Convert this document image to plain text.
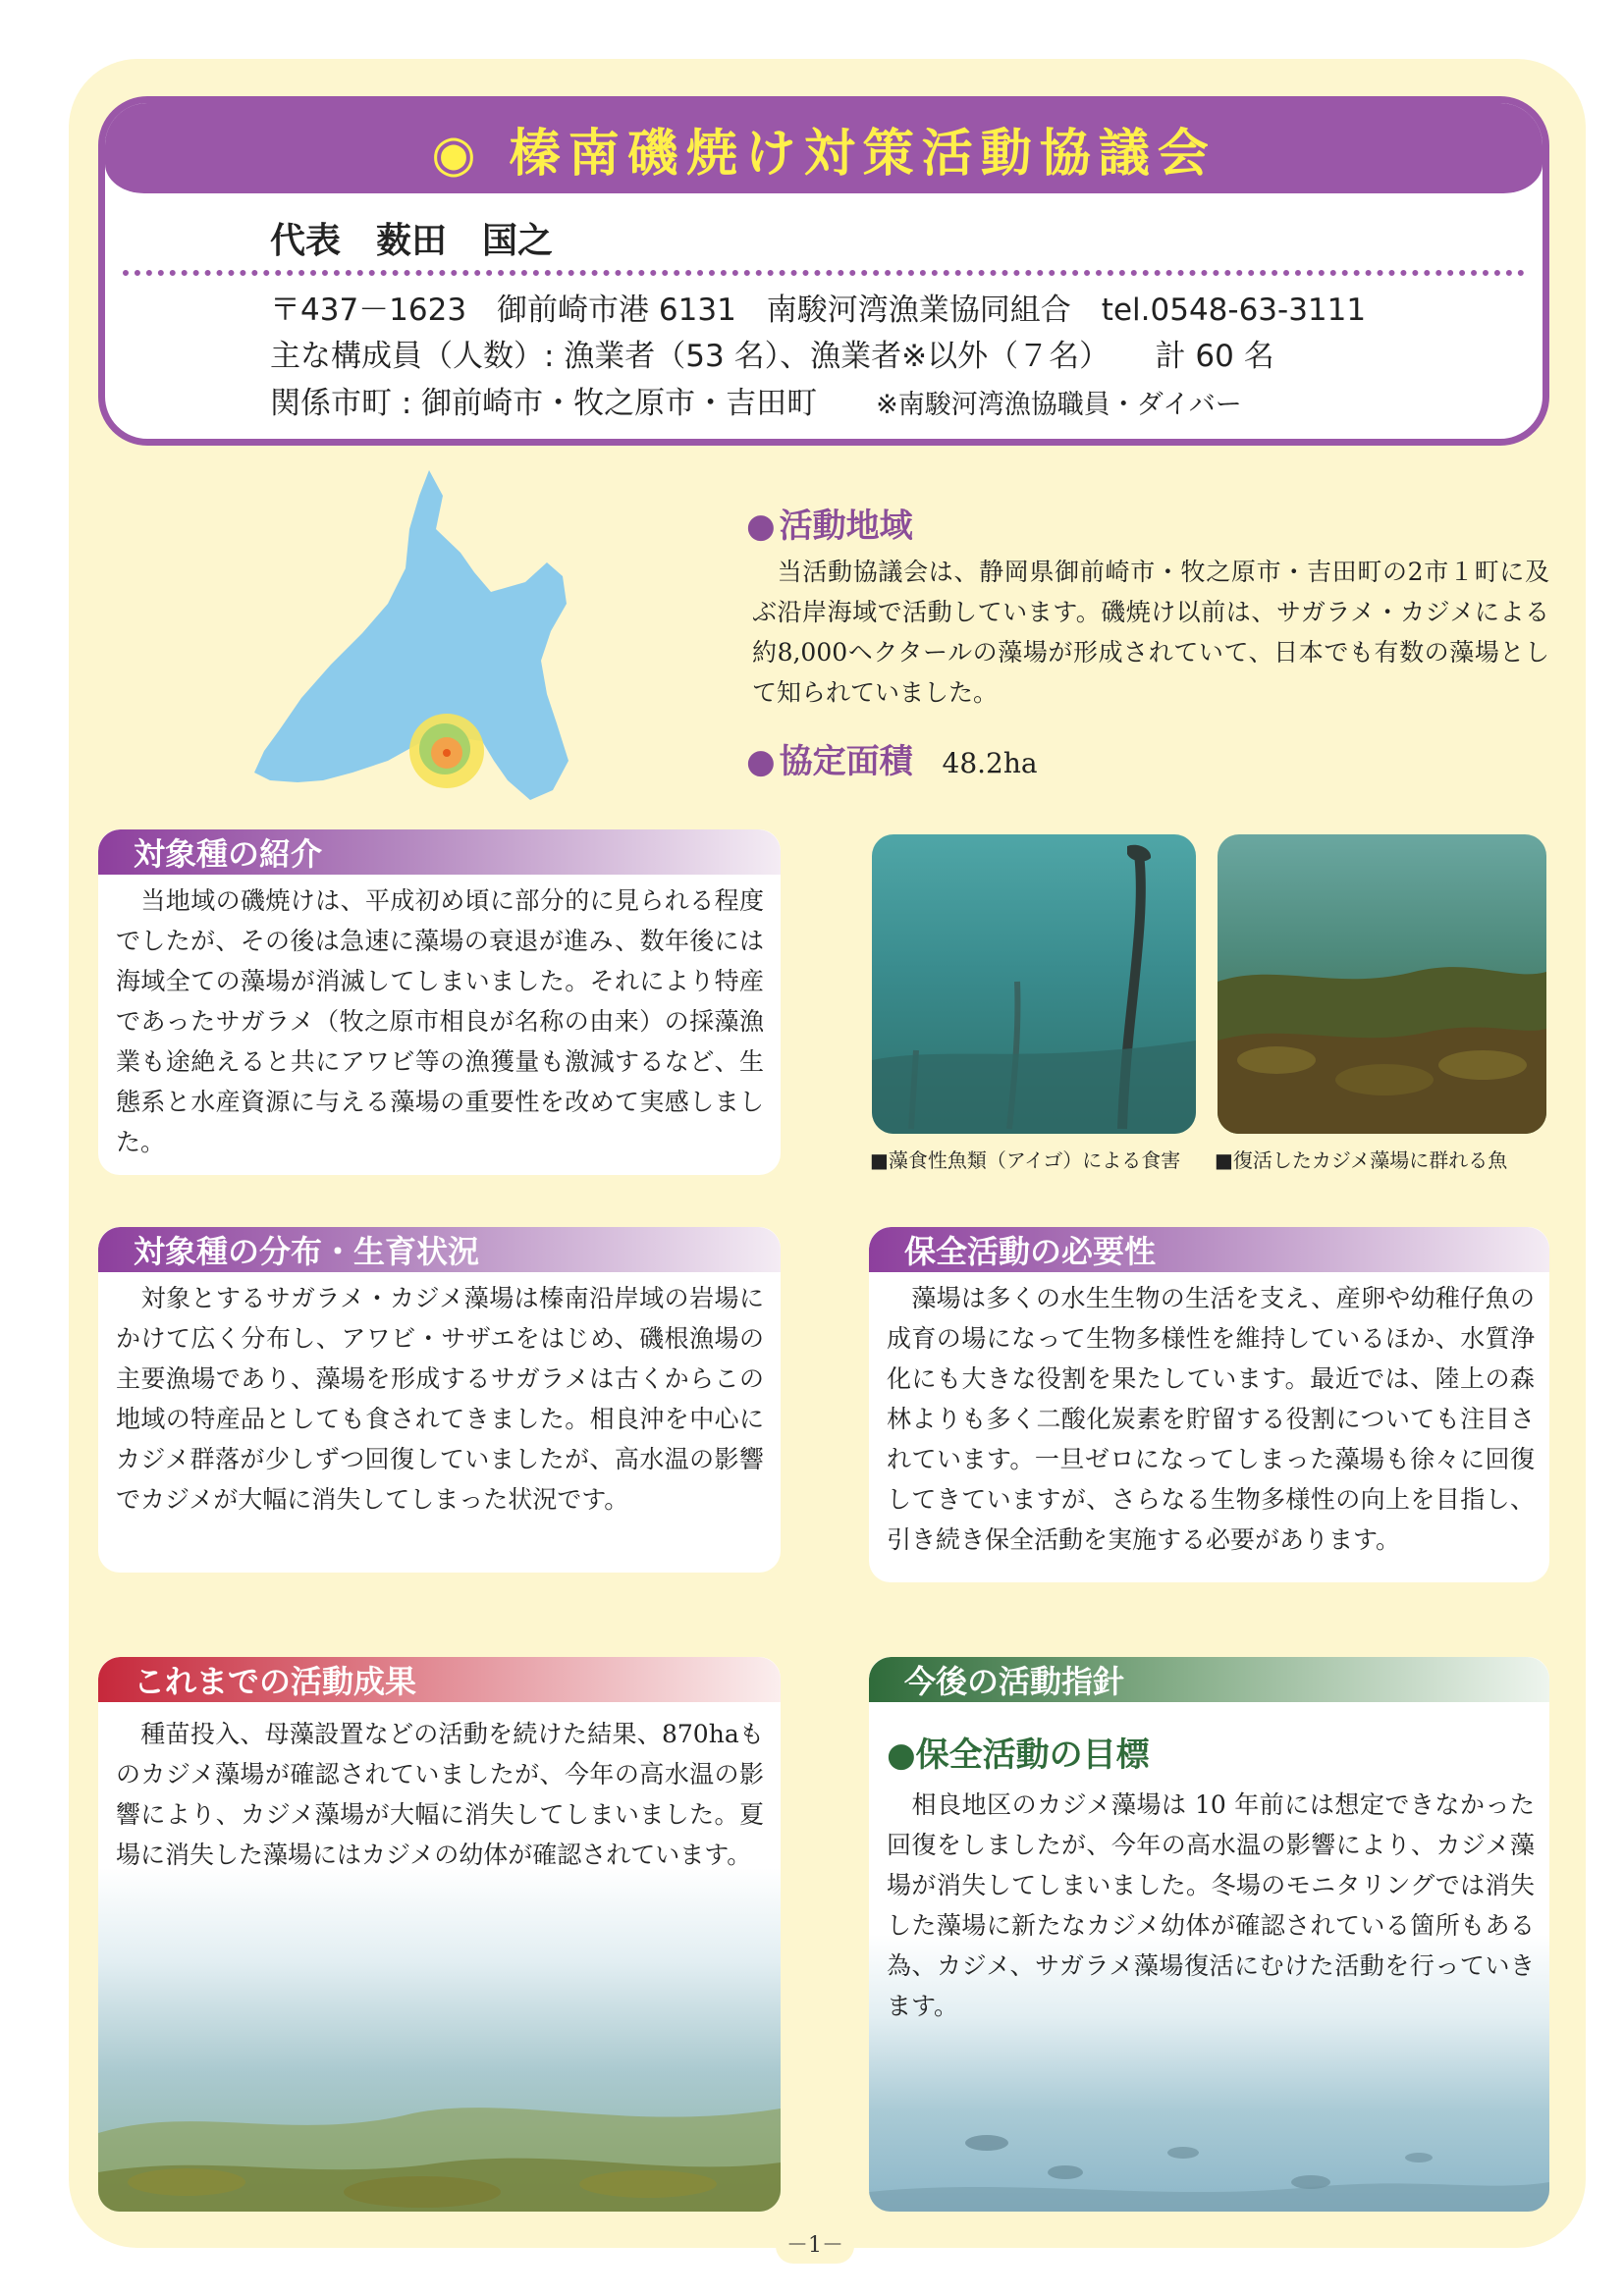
◉ 榛南磯焼け対策活動協議会
代表　薮田　国之
〒437－1623　御前崎市港 6131　南駿河湾漁業協同組合　tel.0548-63-3111
主な構成員（人数）: 漁業者（53 名）、漁業者※以外（７名）　　計 60 名
関係市町 : 御前崎市・牧之原市・吉田町 ※南駿河湾漁協職員・ダイバー
● 活動地域
　当活動協議会は、静岡県御前崎市・牧之原市・吉田町の2市１町に及ぶ沿岸海域で活動しています。磯焼け以前は、サガラメ・カジメによる約8,000ヘクタールの藻場が形成されていて、日本でも有数の藻場として知られていました。
● 協定面積 48.2ha
対象種の紹介
　当地域の磯焼けは、平成初め頃に部分的に見られる程度でしたが、その後は急速に藻場の衰退が進み、数年後には海域全ての藻場が消滅してしまいました。それにより特産であったサガラメ（牧之原市相良が名称の由来）の採藻漁業も途絶えると共にアワビ等の漁獲量も激減するなど、生態系と水産資源に与える藻場の重要性を改めて実感しました。
■藻食性魚類（アイゴ）による食害 ■復活したカジメ藻場に群れる魚
対象種の分布・生育状況
　対象とするサガラメ・カジメ藻場は榛南沿岸域の岩場にかけて広く分布し、アワビ・サザエをはじめ、磯根漁場の主要漁場であり、藻場を形成するサガラメは古くからこの地域の特産品としても食されてきました。相良沖を中心にカジメ群落が少しずつ回復していましたが、高水温の影響でカジメが大幅に消失してしまった状況です。
保全活動の必要性
　藻場は多くの水生生物の生活を支え、産卵や幼稚仔魚の成育の場になって生物多様性を維持しているほか、水質浄化にも大きな役割を果たしています。最近では、陸上の森林よりも多く二酸化炭素を貯留する役割についても注目されています。一旦ゼロになってしまった藻場も徐々に回復してきていますが、さらなる生物多様性の向上を目指し、引き続き保全活動を実施する必要があります。
これまでの活動成果
　種苗投入、母藻設置などの活動を続けた結果、870haものカジメ藻場が確認されていましたが、今年の高水温の影響により、カジメ藻場が大幅に消失してしまいました。夏場に消失した藻場にはカジメの幼体が確認されています。
今後の活動指針
●保全活動の目標
　相良地区のカジメ藻場は 10 年前には想定できなかった回復をしましたが、今年の高水温の影響により、カジメ藻場が消失してしまいました。冬場のモニタリングでは消失した藻場に新たなカジメ幼体が確認されている箇所もある為、カジメ、サガラメ藻場復活にむけた活動を行っていきます。
－1－
